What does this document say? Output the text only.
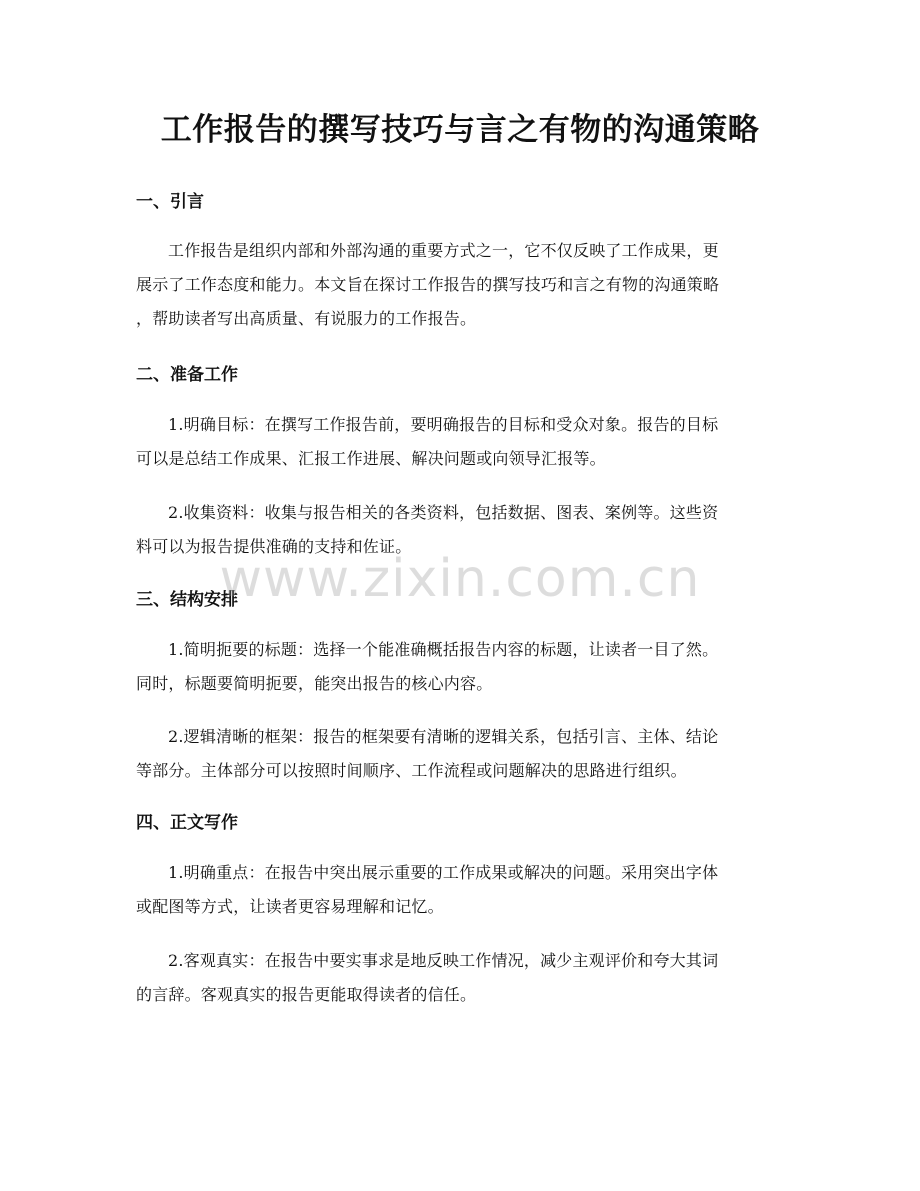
工作报告的撰写技巧与言之有物的沟通策略
一、引言

工作报告是组织内部和外部沟通的重要方式之一，它不仅反映了工作成果，更
展示了工作态度和能力。本文旨在探讨工作报告的撰写技巧和言之有物的沟通策略
，帮助读者写出高质量、有说服力的工作报告。

二、准备工作

1.明确目标：在撰写工作报告前，要明确报告的目标和受众对象。报告的目标
可以是总结工作成果、汇报工作进展、解决问题或向领导汇报等。

2.收集资料：收集与报告相关的各类资料，包括数据、图表、案例等。这些资
料可以为报告提供准确的支持和佐证。

三、结构安排

1.简明扼要的标题：选择一个能准确概括报告内容的标题，让读者一目了然。
同时，标题要简明扼要，能突出报告的核心内容。

2.逻辑清晰的框架：报告的框架要有清晰的逻辑关系，包括引言、主体、结论
等部分。主体部分可以按照时间顺序、工作流程或问题解决的思路进行组织。

四、正文写作

1.明确重点：在报告中突出展示重要的工作成果或解决的问题。采用突出字体
或配图等方式，让读者更容易理解和记忆。

2.客观真实：在报告中要实事求是地反映工作情况，减少主观评价和夸大其词
的言辞。客观真实的报告更能取得读者的信任。

www.zixin.com.cn
